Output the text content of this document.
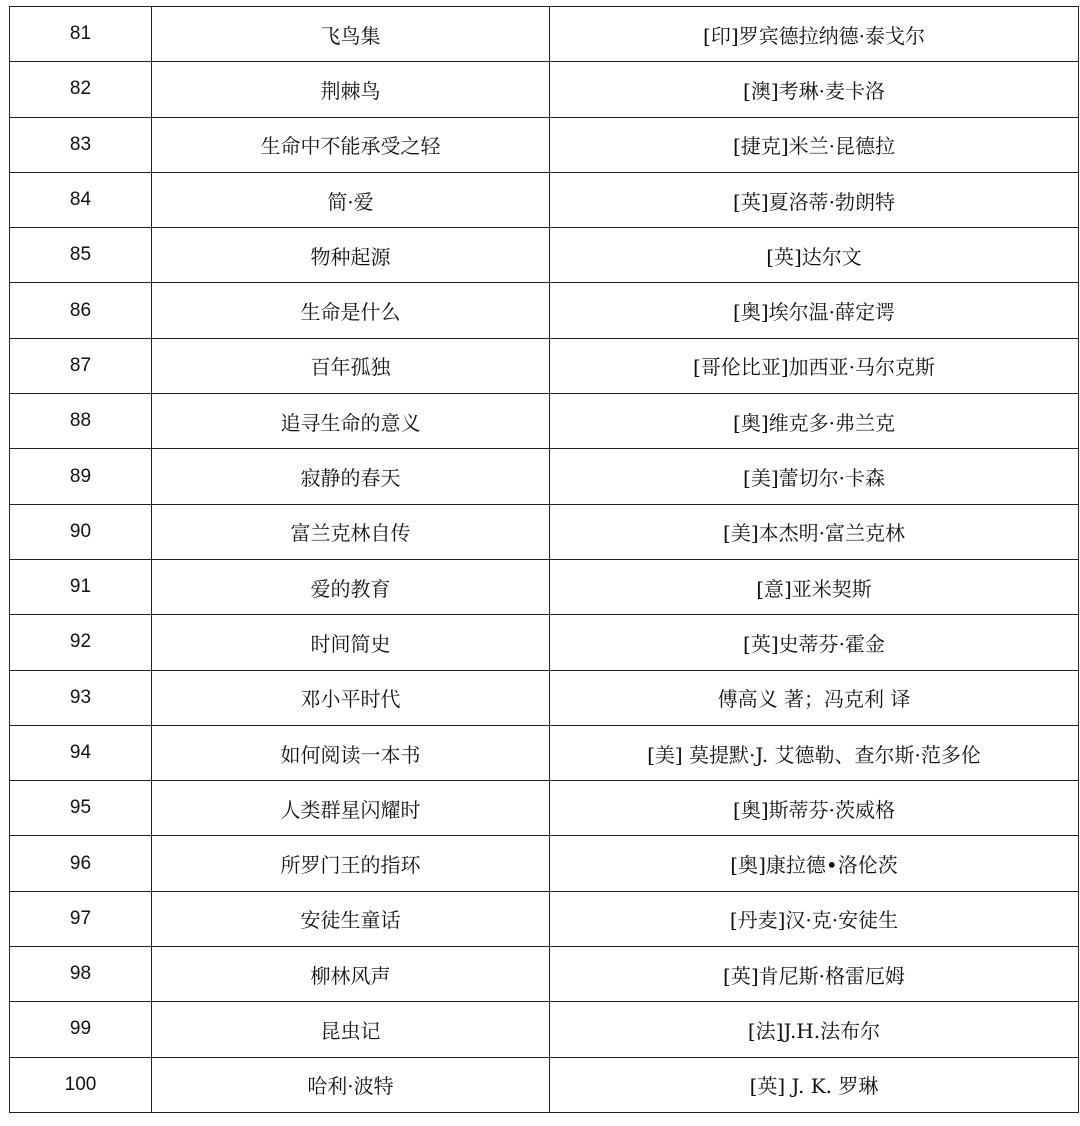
81	飞鸟集	[印]罗宾德拉纳德·泰戈尔
82	荆棘鸟	[澳]考琳·麦卡洛
83	生命中不能承受之轻	[捷克]米兰·昆德拉
84	简·爱	[英]夏洛蒂·勃朗特
85	物种起源	[英]达尔文
86	生命是什么	[奥]埃尔温·薛定谔
87	百年孤独	[哥伦比亚]加西亚·马尔克斯
88	追寻生命的意义	[奥]维克多·弗兰克
89	寂静的春天	[美]蕾切尔·卡森
90	富兰克林自传	[美]本杰明·富兰克林
91	爱的教育	[意]亚米契斯
92	时间简史	[英]史蒂芬·霍金
93	邓小平时代	傅高义 著；冯克利 译
94	如何阅读一本书	[美] 莫提默·J. 艾德勒、查尔斯·范多伦
95	人类群星闪耀时	[奥]斯蒂芬·茨威格
96	所罗门王的指环	[奥]康拉德•洛伦茨
97	安徒生童话	[丹麦]汉·克·安徒生
98	柳林风声	[英]肯尼斯·格雷厄姆
99	昆虫记	[法]J.H.法布尔
100	哈利·波特	[英] J. K. 罗琳
